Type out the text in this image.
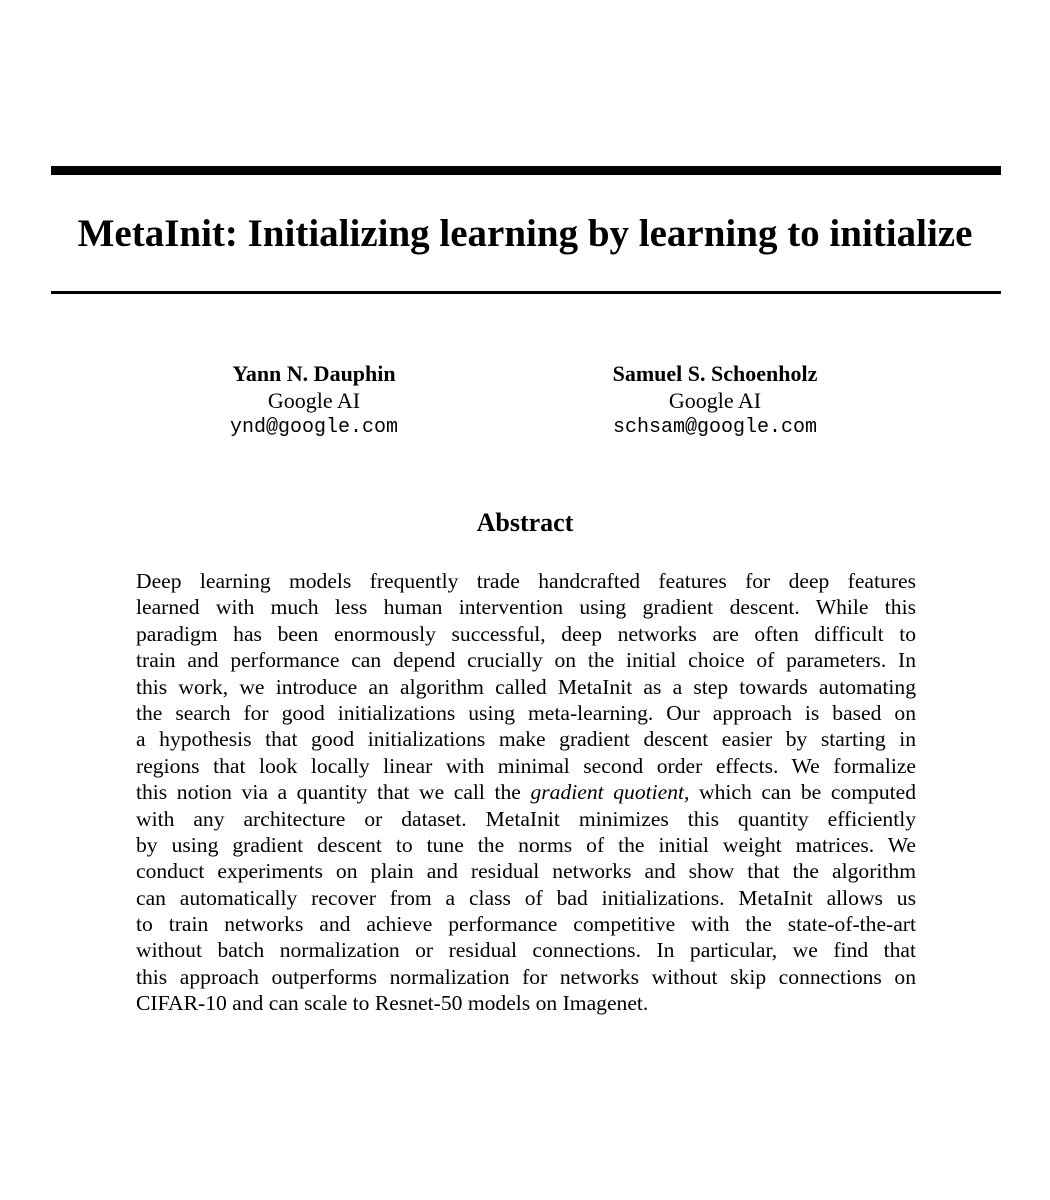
MetaInit: Initializing learning by learning to initialize
Yann N. Dauphin
Google AI
ynd@google.com
Samuel S. Schoenholz
Google AI
schsam@google.com
Abstract
Deep learning models frequently trade handcrafted features for deep features
learned with much less human intervention using gradient descent. While this
paradigm has been enormously successful, deep networks are often difficult to
train and performance can depend crucially on the initial choice of parameters. In
this work, we introduce an algorithm called MetaInit as a step towards automating
the search for good initializations using meta-learning. Our approach is based on
a hypothesis that good initializations make gradient descent easier by starting in
regions that look locally linear with minimal second order effects. We formalize
this notion via a quantity that we call the gradient quotient, which can be computed
with any architecture or dataset. MetaInit minimizes this quantity efficiently
by using gradient descent to tune the norms of the initial weight matrices. We
conduct experiments on plain and residual networks and show that the algorithm
can automatically recover from a class of bad initializations. MetaInit allows us
to train networks and achieve performance competitive with the state-of-the-art
without batch normalization or residual connections. In particular, we find that
this approach outperforms normalization for networks without skip connections on
CIFAR-10 and can scale to Resnet-50 models on Imagenet.
